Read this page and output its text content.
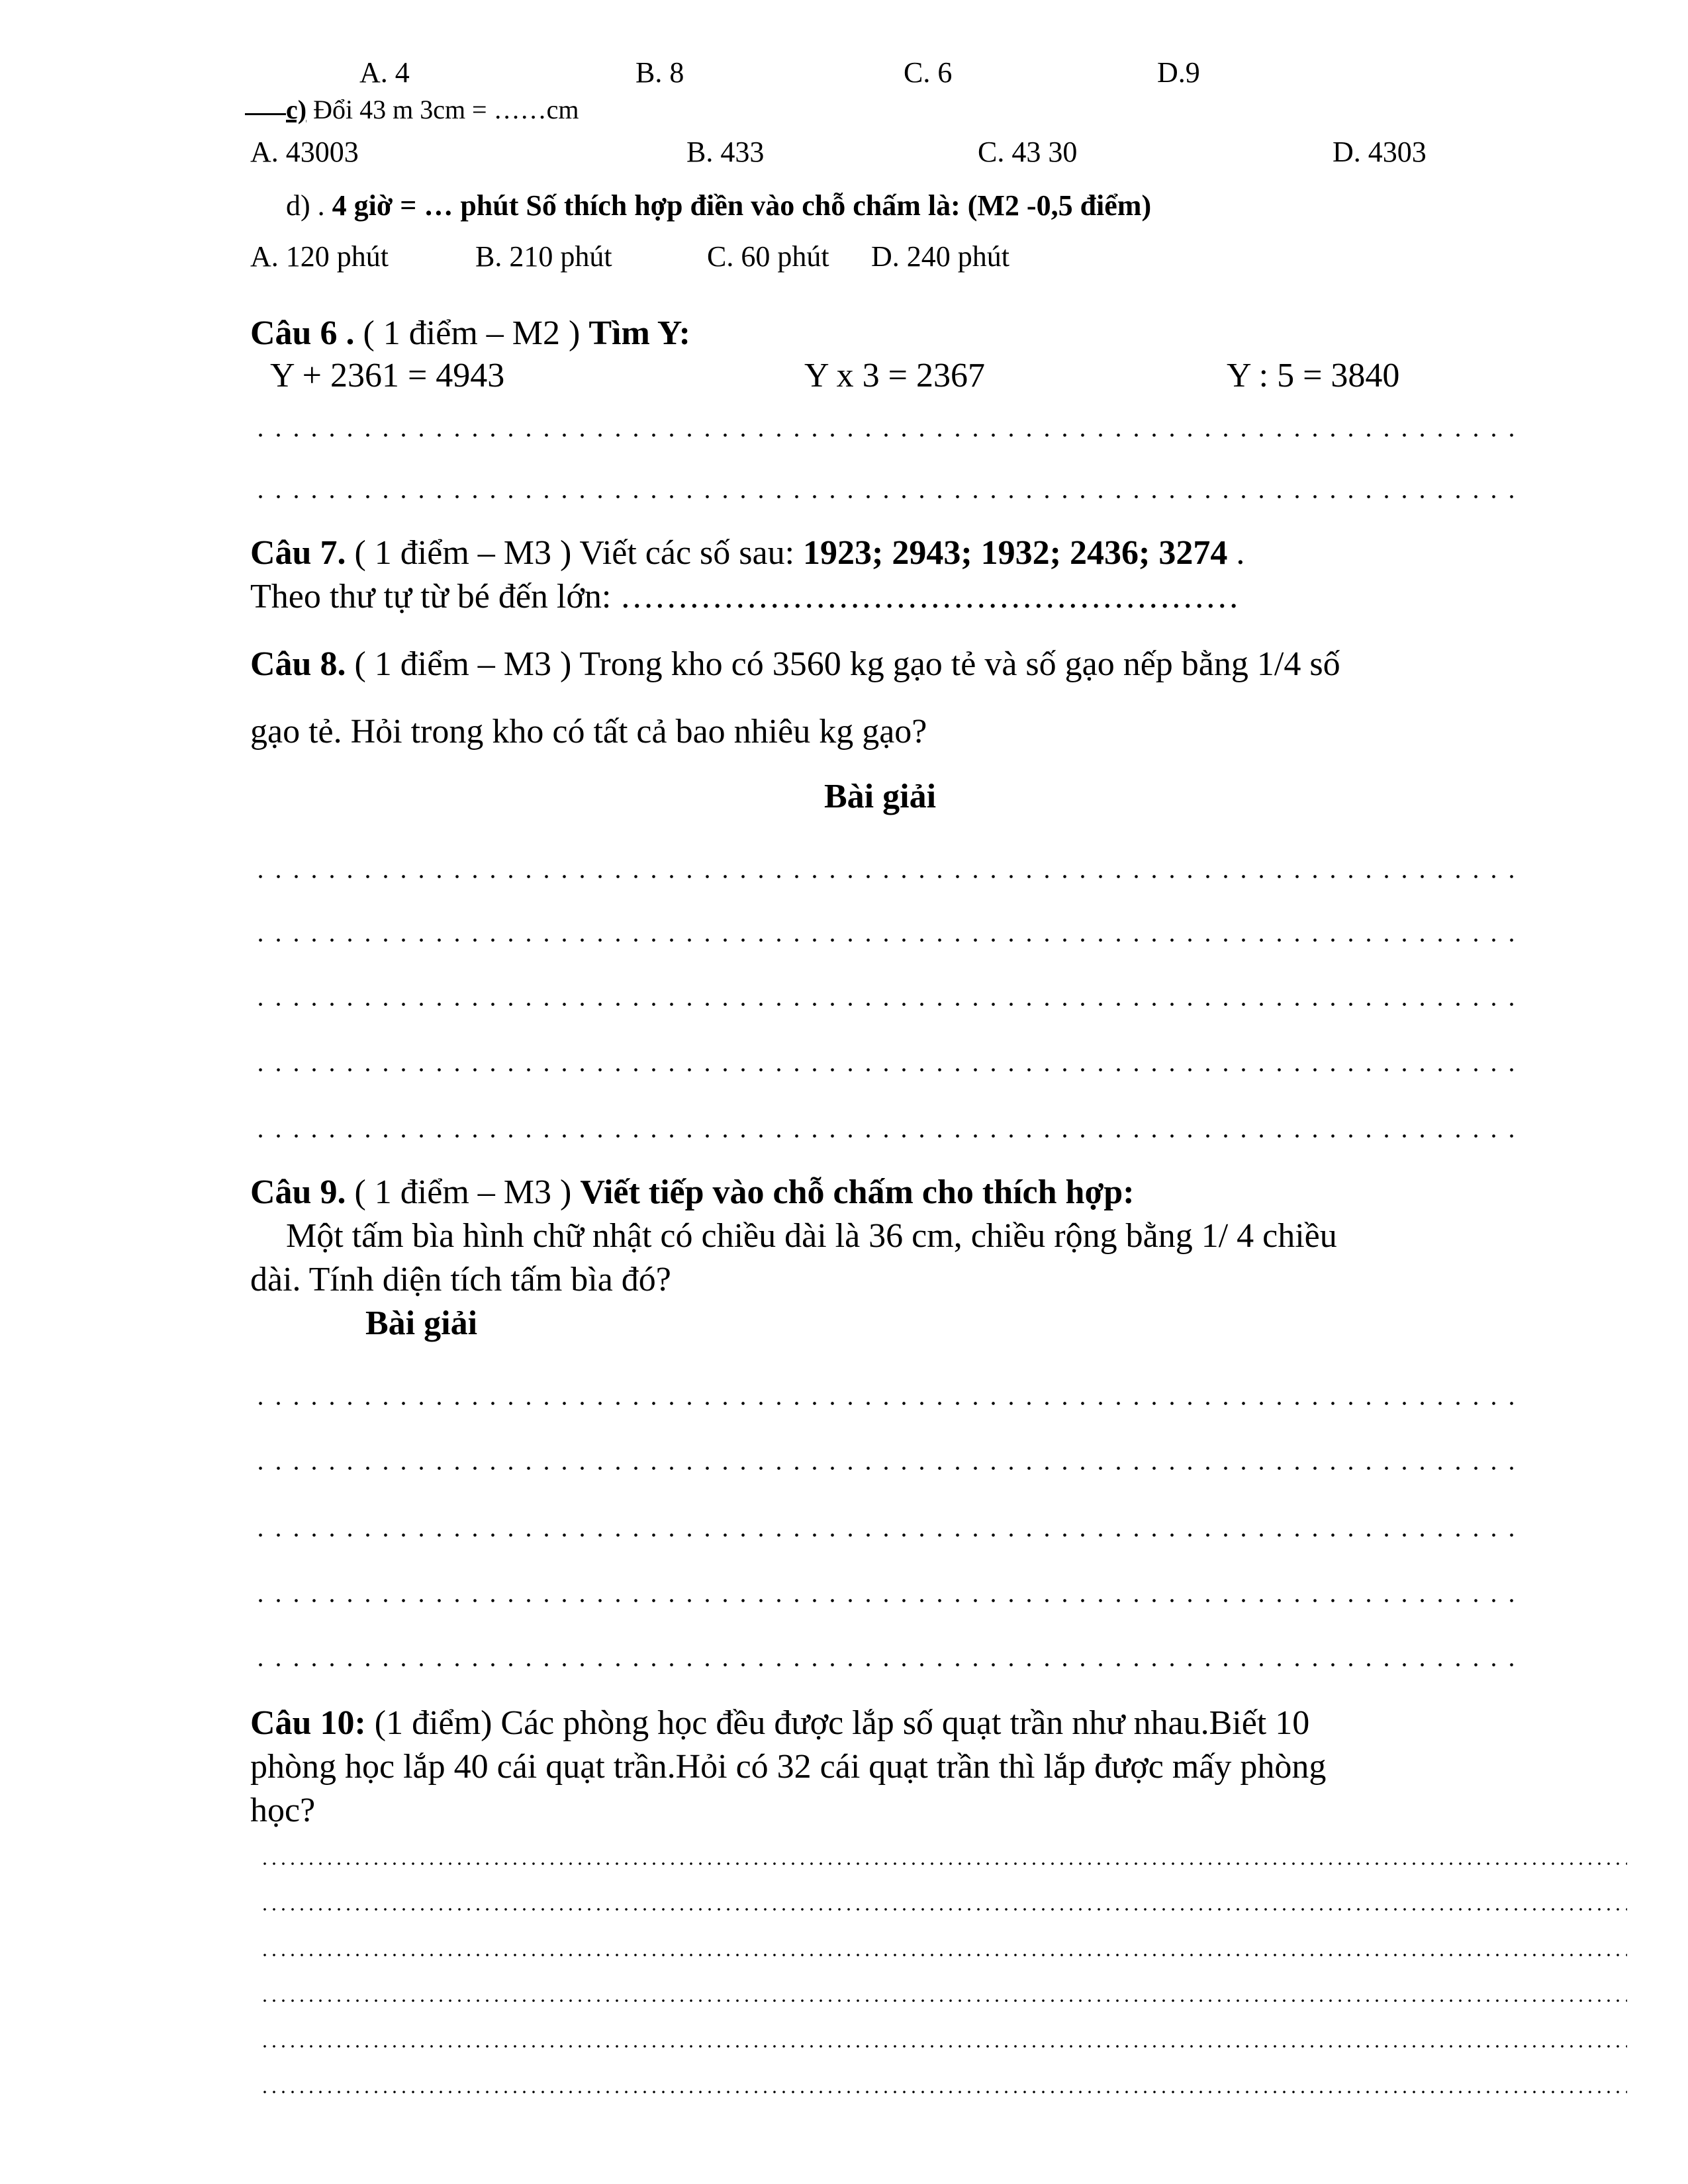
A. 4	B. 8	C. 6	D.9
c) Đổi 43 m 3cm = ……cm
A. 43003	B. 433	C. 43 30	D. 4303
d) . 4 giờ = … phút Số thích hợp điền vào chỗ chấm là: (M2 -0,5 điểm)
A. 120 phút	B. 210 phút	C. 60 phút D. 240 phút
Câu 6 . ( 1 điểm – M2 ) Tìm Y:
Y + 2361 = 4943	Y x 3 = 2367	Y : 5 = 3840
Câu 7. ( 1 điểm – M3 ) Viết các số sau: 1923; 2943; 1932; 2436; 3274 .
Theo thư tự từ bé đến lớn: ………………………………………………
Câu 8. ( 1 điểm – M3 ) Trong kho có 3560 kg gạo tẻ và số gạo nếp bằng 1/4 số
gạo tẻ. Hỏi trong kho có tất cả bao nhiêu kg gạo?
Bài giải
Câu 9. ( 1 điểm – M3 ) Viết tiếp vào chỗ chấm cho thích hợp:
Một tấm bìa hình chữ nhật có chiều dài là 36 cm, chiều rộng bằng 1/ 4 chiều
dài. Tính diện tích tấm bìa đó?
Bài giải
Câu 10: (1 điểm) Các phòng học đều được lắp số quạt trần như nhau.Biết 10
phòng học lắp 40 cái quạt trần.Hỏi có 32 cái quạt trần thì lắp được mấy phòng
học?
